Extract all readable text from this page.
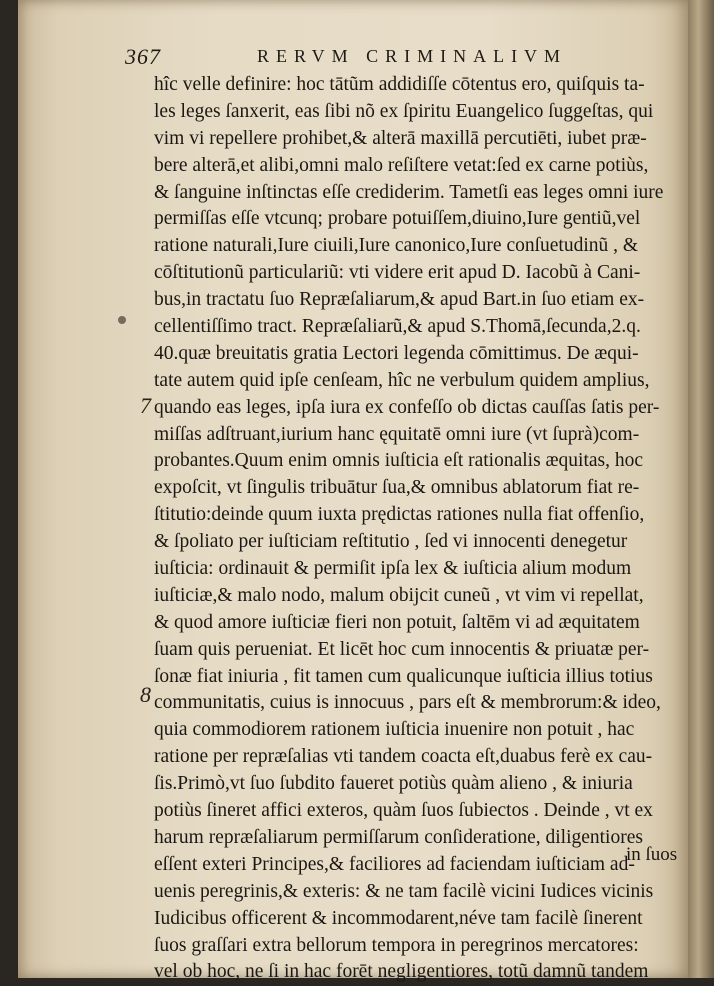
367	RERVM CRIMINALIVM
7
8
hîc velle definire: hoc tātũm addidiſſe cōtentus ero, quiſquis ta-
les leges ſanxerit, eas ſibi nõ ex ſpiritu Euangelico ſuggeſtas, qui
vim vi repellere prohibet,& alterā maxillā percutiēti, iubet præ-
bere alterā,et alibi,omni malo reſiſtere vetat:ſed ex carne potiùs,
& ſanguine inſtinctas eſſe crediderim. Tametſi eas leges omni iure
permiſſas eſſe vtcunq; probare potuiſſem,diuino,Iure gentiũ,vel
ratione naturali,Iure ciuili,Iure canonico,Iure conſuetudinũ , &
cōſtitutionũ particulariũ: vti videre erit apud D. Iacobũ à Cani-
bus,in tractatu ſuo Repræſaliarum,& apud Bart.in ſuo etiam ex-
cellentiſſimo tract. Repræſaliarũ,& apud S.Thomā,ſecunda,2.q.
40.quæ breuitatis gratia Lectori legenda cōmittimus. De æqui-
tate autem quid ipſe cenſeam, hîc ne verbulum quidem amplius,
quando eas leges, ipſa iura ex confeſſo ob dictas cauſſas ſatis per-
miſſas adſtruant,iurium hanc ęquitatē omni iure (vt ſuprà)com-
probantes.Quum enim omnis iuſticia eſt rationalis æquitas, hoc
expoſcit, vt ſingulis tribuātur ſua,& omnibus ablatorum fiat re-
ſtitutio:deinde quum iuxta prędictas rationes nulla fiat offenſio,
& ſpoliato per iuſticiam reſtitutio , ſed vi innocenti denegetur
iuſticia: ordinauit & permiſit ipſa lex & iuſticia alium modum
iuſticiæ,& malo nodo, malum obijcit cuneũ , vt vim vi repellat,
& quod amore iuſticiæ fieri non potuit, ſaltēm vi ad æquitatem
ſuam quis perueniat. Et licēt hoc cum innocentis & priuatæ per-
ſonæ fiat iniuria , fit tamen cum qualicunque iuſticia illius totius
communitatis, cuius is innocuus , pars eſt & membrorum:& ideo,
quia commodiorem rationem iuſticia inuenire non potuit , hac
ratione per repræſalias vti tandem coacta eſt,duabus ferè ex cau-
ſis.Primò,vt ſuo ſubdito faueret potiùs quàm alieno , & iniuria
potiùs ſineret affici exteros, quàm ſuos ſubiectos . Deinde , vt ex
harum repræſaliarum permiſſarum conſideratione, diligentiores
eſſent exteri Principes,& faciliores ad faciendam iuſticiam ad-
uenis peregrinis,& exteris: & ne tam facilè vicini Iudices vicinis
Iudicibus officerent & incommodarent,néve tam facilè ſinerent
ſuos graſſari extra bellorum tempora in peregrinos mercatores:
vel ob hoc, ne ſi in hac forēt negligentiores, totũ damnũ tandem
in ſuos
